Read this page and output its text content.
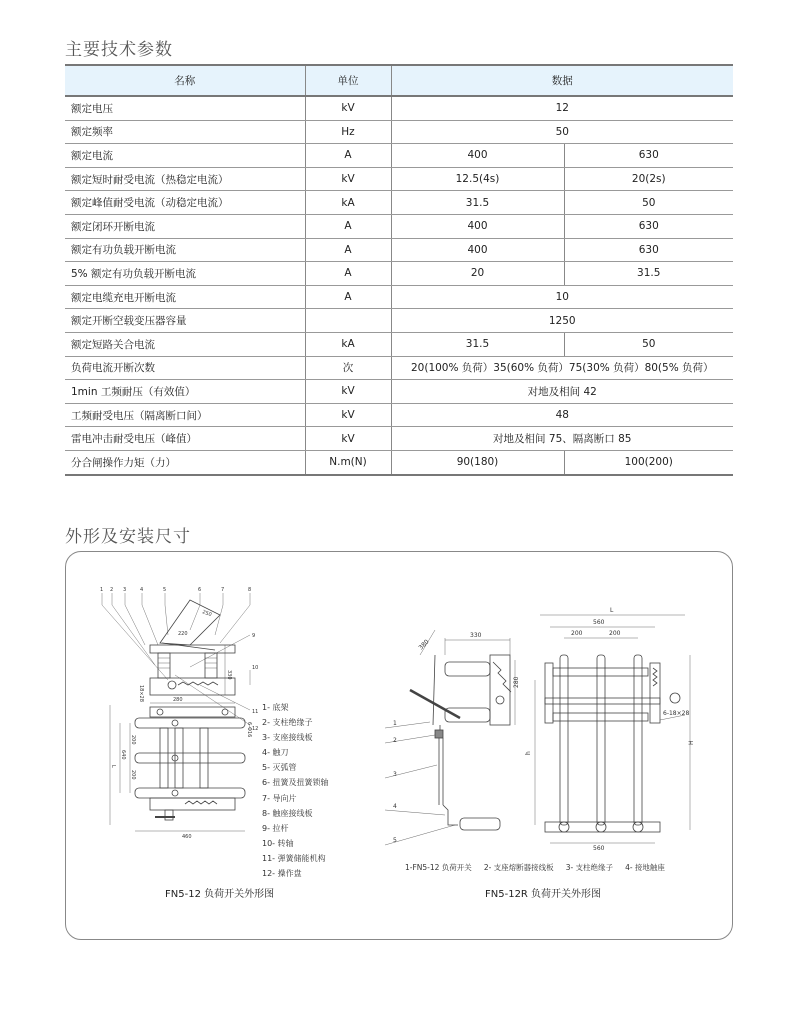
主要技术参数
名称	单位	数据	
额定电压	kV	12	
额定频率	Hz	50	
额定电流	A	400	630
额定短时耐受电流（热稳定电流）	kV	12.5(4s)	20(2s)
额定峰值耐受电流（动稳定电流）	kA	31.5	50
额定闭环开断电流	A	400	630
额定有功负载开断电流	A	400	630
5% 额定有功负载开断电流	A	20	31.5
额定电缆充电开断电流	A	10	
额定开断空载变压器容量		1250	
额定短路关合电流	kA	31.5	50
负荷电流开断次数	次	20(100% 负荷）35(60% 负荷）75(30% 负荷）80(5% 负荷）	
1min 工频耐压（有效值）	kV	对地及相间 42	
工频耐受电压（隔离断口间）	kV	48	
雷电冲击耐受电压（峰值）	kV	对地及相间 75、隔离断口 85	
分合闸操作力矩（力）	N.m(N)	90(180)	100(200)
外形及安装尺寸
1 2 3	4	5	6	7	8
9
10
11
12
220
250
330
280
18×28
200
200
640
L
460
6-Φ16
1- 底架
2- 支柱绝缘子
3- 支座接线板
4- 触刀
5- 灭弧管
6- 扭簧及扭簧锁轴
7- 导向片
8- 触座接线板
9- 拉杆
10- 转轴
11- 弹簧储能机构
12- 操作盘
330
280
380
h
1
2
3
4
5
L
560
200	200
H
6-18×28
560
1-FN5-12 负荷开关 2- 支座熔断器接线板 3- 支柱绝缘子 4- 接地触座
FN5-12 负荷开关外形图	FN5-12R 负荷开关外形图
